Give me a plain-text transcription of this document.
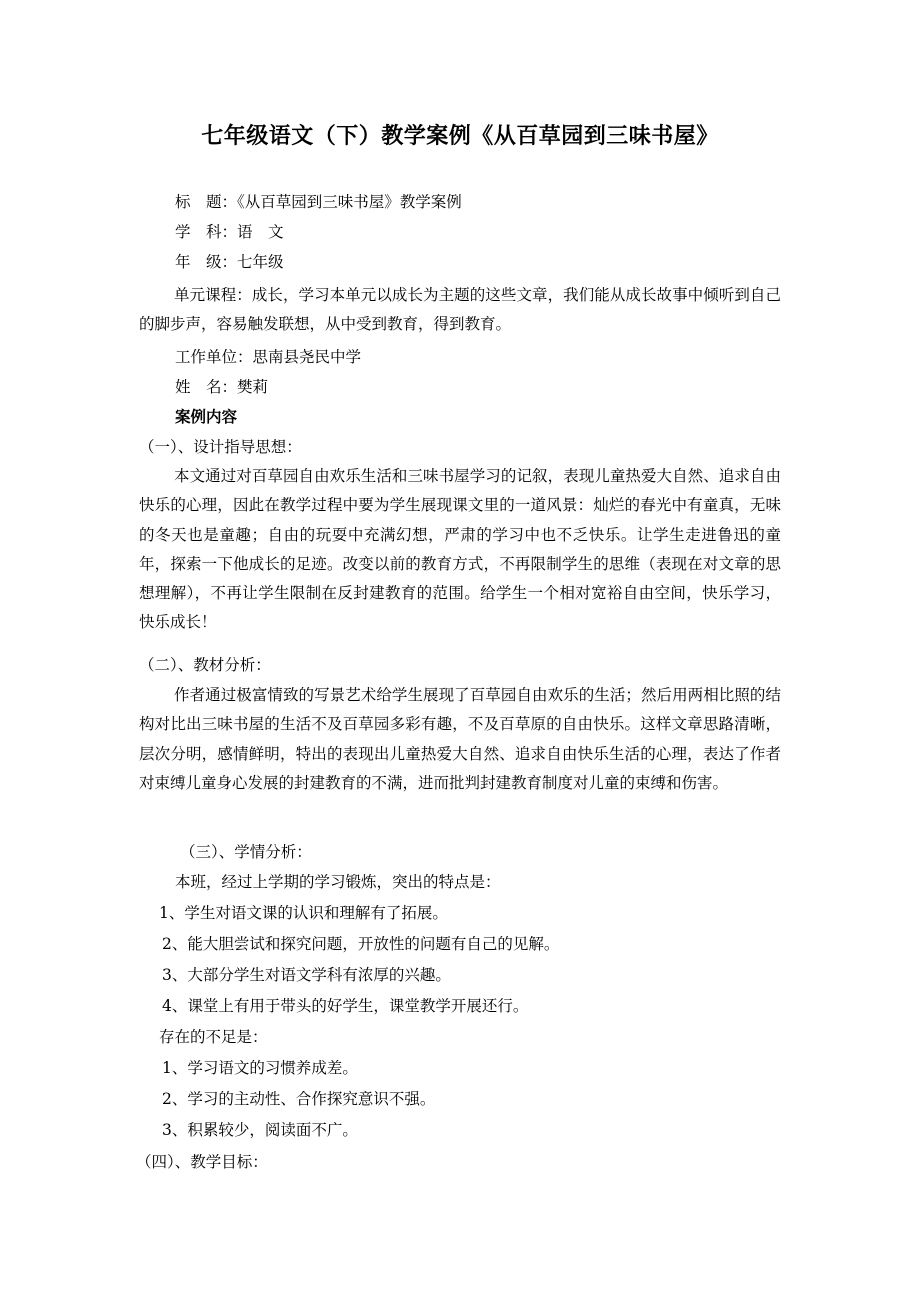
七年级语文（下）教学案例《从百草园到三味书屋》
标　题：《从百草园到三味书屋》教学案例
学　科：语　文
年　级：七年级
单元课程：成长，学习本单元以成长为主题的这些文章，我们能从成长故事中倾听到自己的脚步声，容易触发联想，从中受到教育，得到教育。
工作单位：思南县尧民中学
姓　名：樊莉
案例内容
（一）、设计指导思想：
本文通过对百草园自由欢乐生活和三味书屋学习的记叙，表现儿童热爱大自然、追求自由快乐的心理，因此在教学过程中要为学生展现课文里的一道风景：灿烂的春光中有童真，无味的冬天也是童趣；自由的玩耍中充满幻想，严肃的学习中也不乏快乐。让学生走进鲁迅的童年，探索一下他成长的足迹。改变以前的教育方式，不再限制学生的思维（表现在对文章的思想理解），不再让学生限制在反封建教育的范围。给学生一个相对宽裕自由空间，快乐学习，快乐成长！
（二）、教材分析：
作者通过极富情致的写景艺术给学生展现了百草园自由欢乐的生活；然后用两相比照的结构对比出三味书屋的生活不及百草园多彩有趣，不及百草原的自由快乐。这样文章思路清晰，层次分明，感情鲜明，特出的表现出儿童热爱大自然、追求自由快乐生活的心理，表达了作者对束缚儿童身心发展的封建教育的不满，进而批判封建教育制度对儿童的束缚和伤害。
（三）、学情分析：
本班，经过上学期的学习锻炼，突出的特点是：
1、学生对语文课的认识和理解有了拓展。
2、能大胆尝试和探究问题，开放性的问题有自己的见解。
3、大部分学生对语文学科有浓厚的兴趣。
4、课堂上有用于带头的好学生，课堂教学开展还行。
存在的不足是：
1、学习语文的习惯养成差。
2、学习的主动性、合作探究意识不强。
3、积累较少，阅读面不广。
（四）、教学目标：
